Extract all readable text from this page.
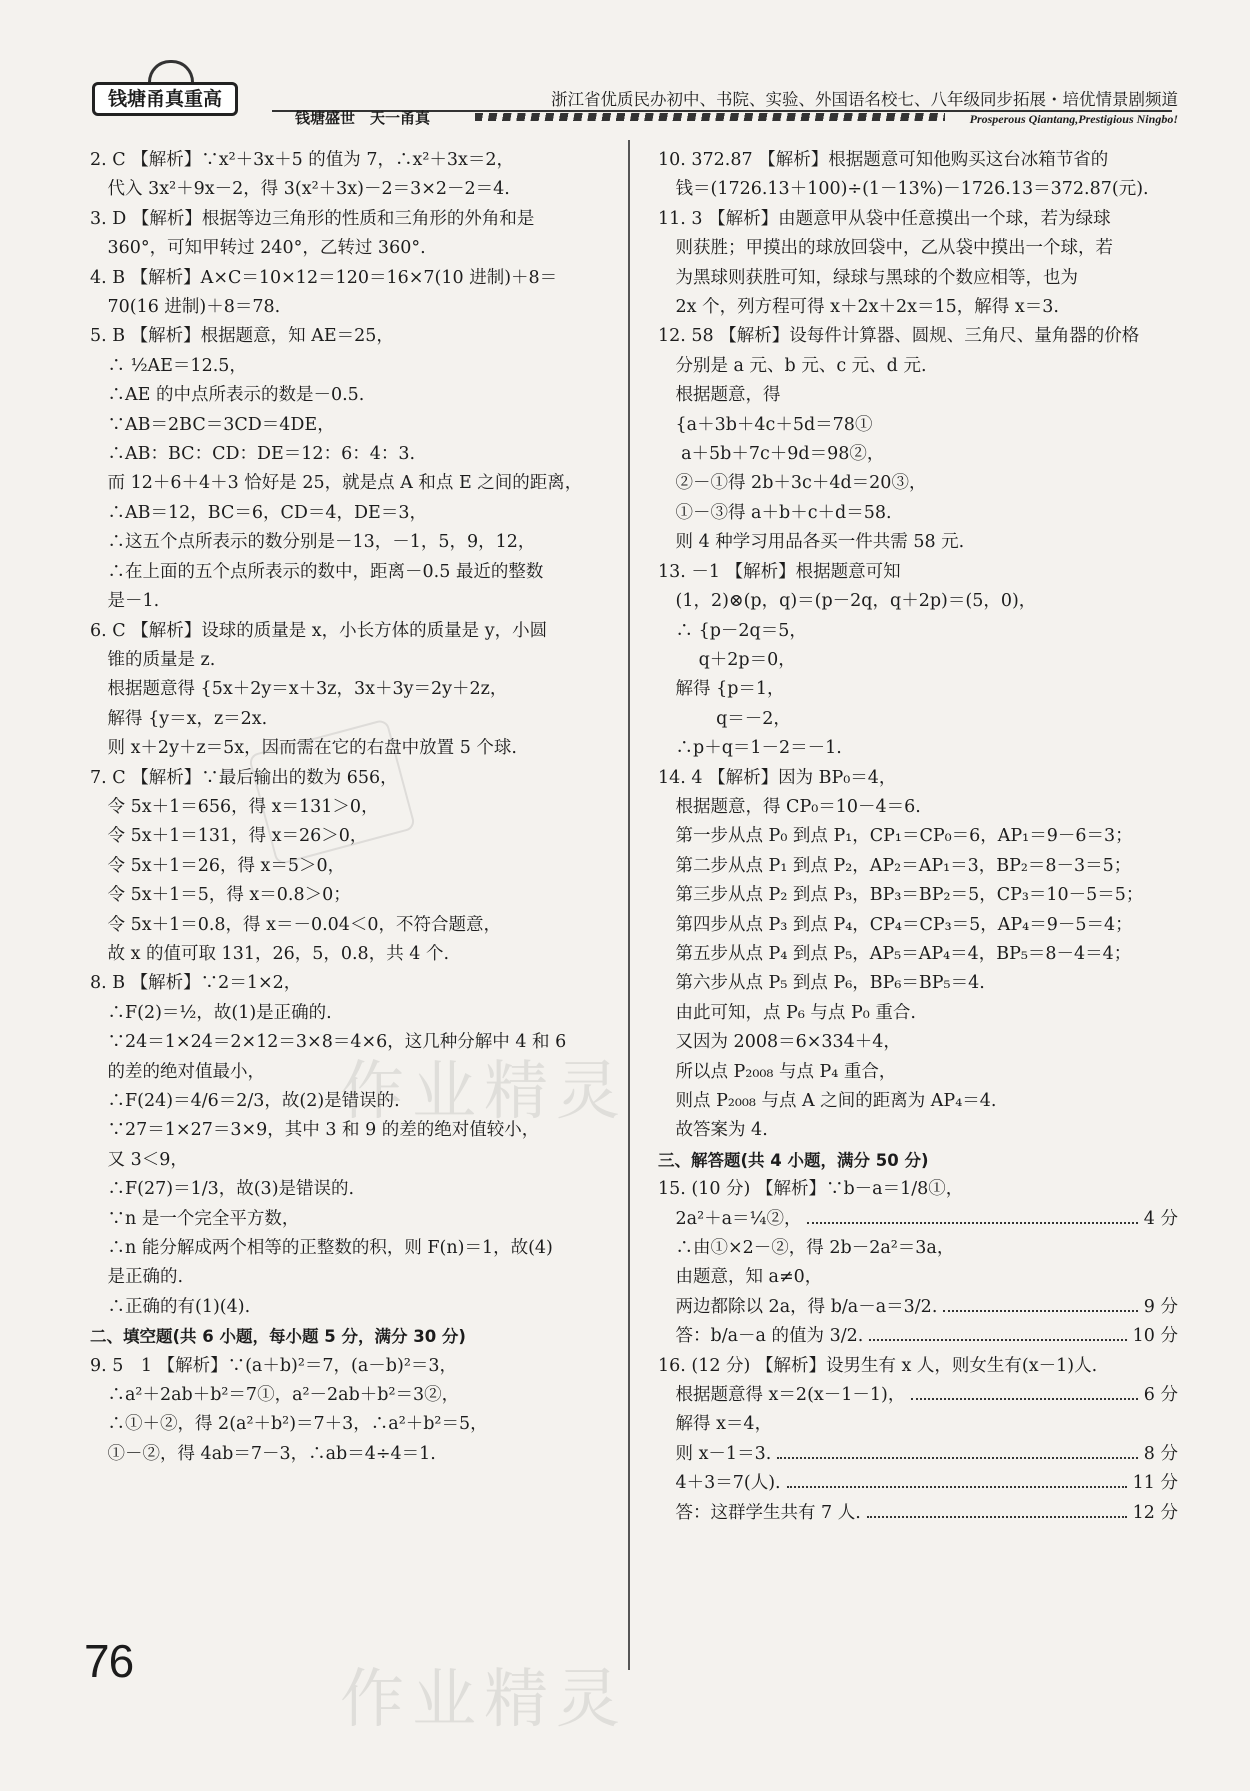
钱塘甬真重高	浙江省优质民办初中、书院、实验、外国语名校七、八年级同步拓展・培优情景剧频道
钱塘盛世　天一甬真	Prosperous Qiantang,Prestigious Ningbo!
2. C 【解析】∵x²＋3x＋5 的值为 7，∴x²＋3x＝2，
　代入 3x²＋9x－2，得 3(x²＋3x)－2＝3×2－2＝4.
3. D 【解析】根据等边三角形的性质和三角形的外角和是
　360°，可知甲转过 240°，乙转过 360°.
4. B 【解析】A×C＝10×12＝120＝16×7(10 进制)＋8＝
　70(16 进制)＋8＝78.
5. B 【解析】根据题意，知 AE＝25，
　∴ ½AE＝12.5，
　∴AE 的中点所表示的数是－0.5.
　∵AB＝2BC＝3CD＝4DE，
　∴AB：BC：CD：DE＝12：6：4：3.
　而 12＋6＋4＋3 恰好是 25，就是点 A 和点 E 之间的距离，
　∴AB＝12，BC＝6，CD＝4，DE＝3，
　∴这五个点所表示的数分别是－13，－1，5，9，12，
　∴在上面的五个点所表示的数中，距离－0.5 最近的整数
　是－1.
6. C 【解析】设球的质量是 x，小长方体的质量是 y，小圆
　锥的质量是 z.
　根据题意得 {5x＋2y＝x＋3z，3x＋3y＝2y＋2z，
　解得 {y＝x，z＝2x.
　则 x＋2y＋z＝5x，因而需在它的右盘中放置 5 个球.
7. C 【解析】∵最后输出的数为 656，
　令 5x＋1＝656，得 x＝131＞0，
　令 5x＋1＝131，得 x＝26＞0，
　令 5x＋1＝26，得 x＝5＞0，
　令 5x＋1＝5，得 x＝0.8＞0；
　令 5x＋1＝0.8，得 x＝－0.04＜0，不符合题意，
　故 x 的值可取 131，26，5，0.8，共 4 个.
8. B 【解析】∵2＝1×2，
　∴F(2)＝½，故(1)是正确的.
　∵24＝1×24＝2×12＝3×8＝4×6，这几种分解中 4 和 6
　的差的绝对值最小，
　∴F(24)＝4/6＝2/3，故(2)是错误的.
　∵27＝1×27＝3×9，其中 3 和 9 的差的绝对值较小，
　又 3＜9，
　∴F(27)＝1/3，故(3)是错误的.
　∵n 是一个完全平方数，
　∴n 能分解成两个相等的正整数的积，则 F(n)＝1，故(4)
　是正确的.
　∴正确的有(1)(4).
二、填空题(共 6 小题，每小题 5 分，满分 30 分)
9. 5　1 【解析】∵(a＋b)²＝7，(a－b)²＝3，
　∴a²＋2ab＋b²＝7①，a²－2ab＋b²＝3②，
　∴①＋②，得 2(a²＋b²)＝7＋3，∴a²＋b²＝5，
　①－②，得 4ab＝7－3，∴ab＝4÷4＝1.
10. 372.87 【解析】根据题意可知他购买这台冰箱节省的
　钱＝(1726.13＋100)÷(1－13%)－1726.13＝372.87(元).
11. 3 【解析】由题意甲从袋中任意摸出一个球，若为绿球
　则获胜；甲摸出的球放回袋中，乙从袋中摸出一个球，若
　为黑球则获胜可知，绿球与黑球的个数应相等，也为
　2x 个，列方程可得 x＋2x＋2x＝15，解得 x＝3.
12. 58 【解析】设每件计算器、圆规、三角尺、量角器的价格
　分别是 a 元、b 元、c 元、d 元.
　根据题意，得
　{a＋3b＋4c＋5d＝78①
　 a＋5b＋7c＋9d＝98②，
　②－①得 2b＋3c＋4d＝20③，
　①－③得 a＋b＋c＋d＝58.
　则 4 种学习用品各买一件共需 58 元.
13. －1 【解析】根据题意可知
　(1，2)⊗(p，q)＝(p－2q，q＋2p)＝(5，0)，
　∴ {p－2q＝5，
　 　q＋2p＝0，
　解得 {p＝1，
　 　　q＝－2，
　∴p＋q＝1－2＝－1.
14. 4 【解析】因为 BP₀＝4，
　根据题意，得 CP₀＝10－4＝6.
　第一步从点 P₀ 到点 P₁，CP₁＝CP₀＝6，AP₁＝9－6＝3；
　第二步从点 P₁ 到点 P₂，AP₂＝AP₁＝3，BP₂＝8－3＝5；
　第三步从点 P₂ 到点 P₃，BP₃＝BP₂＝5，CP₃＝10－5＝5；
　第四步从点 P₃ 到点 P₄，CP₄＝CP₃＝5，AP₄＝9－5＝4；
　第五步从点 P₄ 到点 P₅，AP₅＝AP₄＝4，BP₅＝8－4＝4；
　第六步从点 P₅ 到点 P₆，BP₆＝BP₅＝4.
　由此可知，点 P₆ 与点 P₀ 重合.
　又因为 2008＝6×334＋4，
　所以点 P₂₀₀₈ 与点 P₄ 重合，
　则点 P₂₀₀₈ 与点 A 之间的距离为 AP₄＝4.
　故答案为 4.
三、解答题(共 4 小题，满分 50 分)
15. (10 分) 【解析】∵b－a＝1/8①，
　2a²＋a＝¼②，	4 分
　∴由①×2－②，得 2b－2a²＝3a，
　由题意，知 a≠0，
　两边都除以 2a，得 b/a－a＝3/2.	9 分
　答：b/a－a 的值为 3/2.	10 分
16. (12 分) 【解析】设男生有 x 人，则女生有(x－1)人.
　根据题意得 x＝2(x－1－1)，	6 分
　解得 x＝4，
　则 x－1＝3.	8 分
　4＋3＝7(人).	11 分
　答：这群学生共有 7 人.	12 分
作业精灵
作业精灵
76
